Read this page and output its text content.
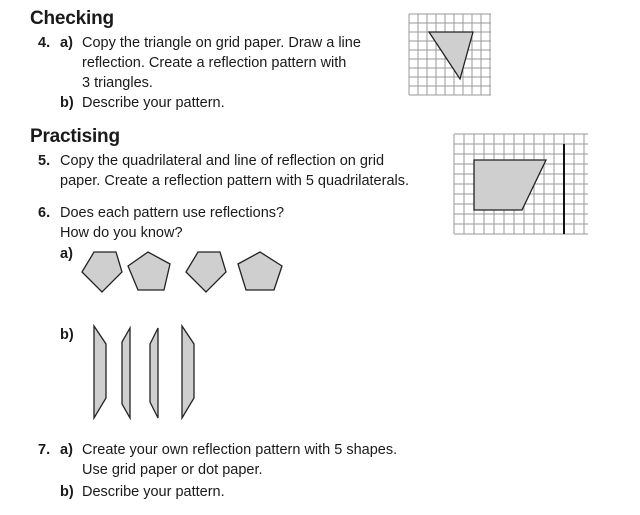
Checking
4. a) Copy the triangle on grid paper. Draw a line
reflection. Create a reflection pattern with
3 triangles.
b) Describe your pattern.
Practising
5. Copy the quadrilateral and line of reflection on grid
paper. Create a reflection pattern with 5 quadrilaterals.
6. Does each pattern use reflections?
How do you know?
a)
b)
7. a) Create your own reflection pattern with 5 shapes.
Use grid paper or dot paper.
b) Describe your pattern.
